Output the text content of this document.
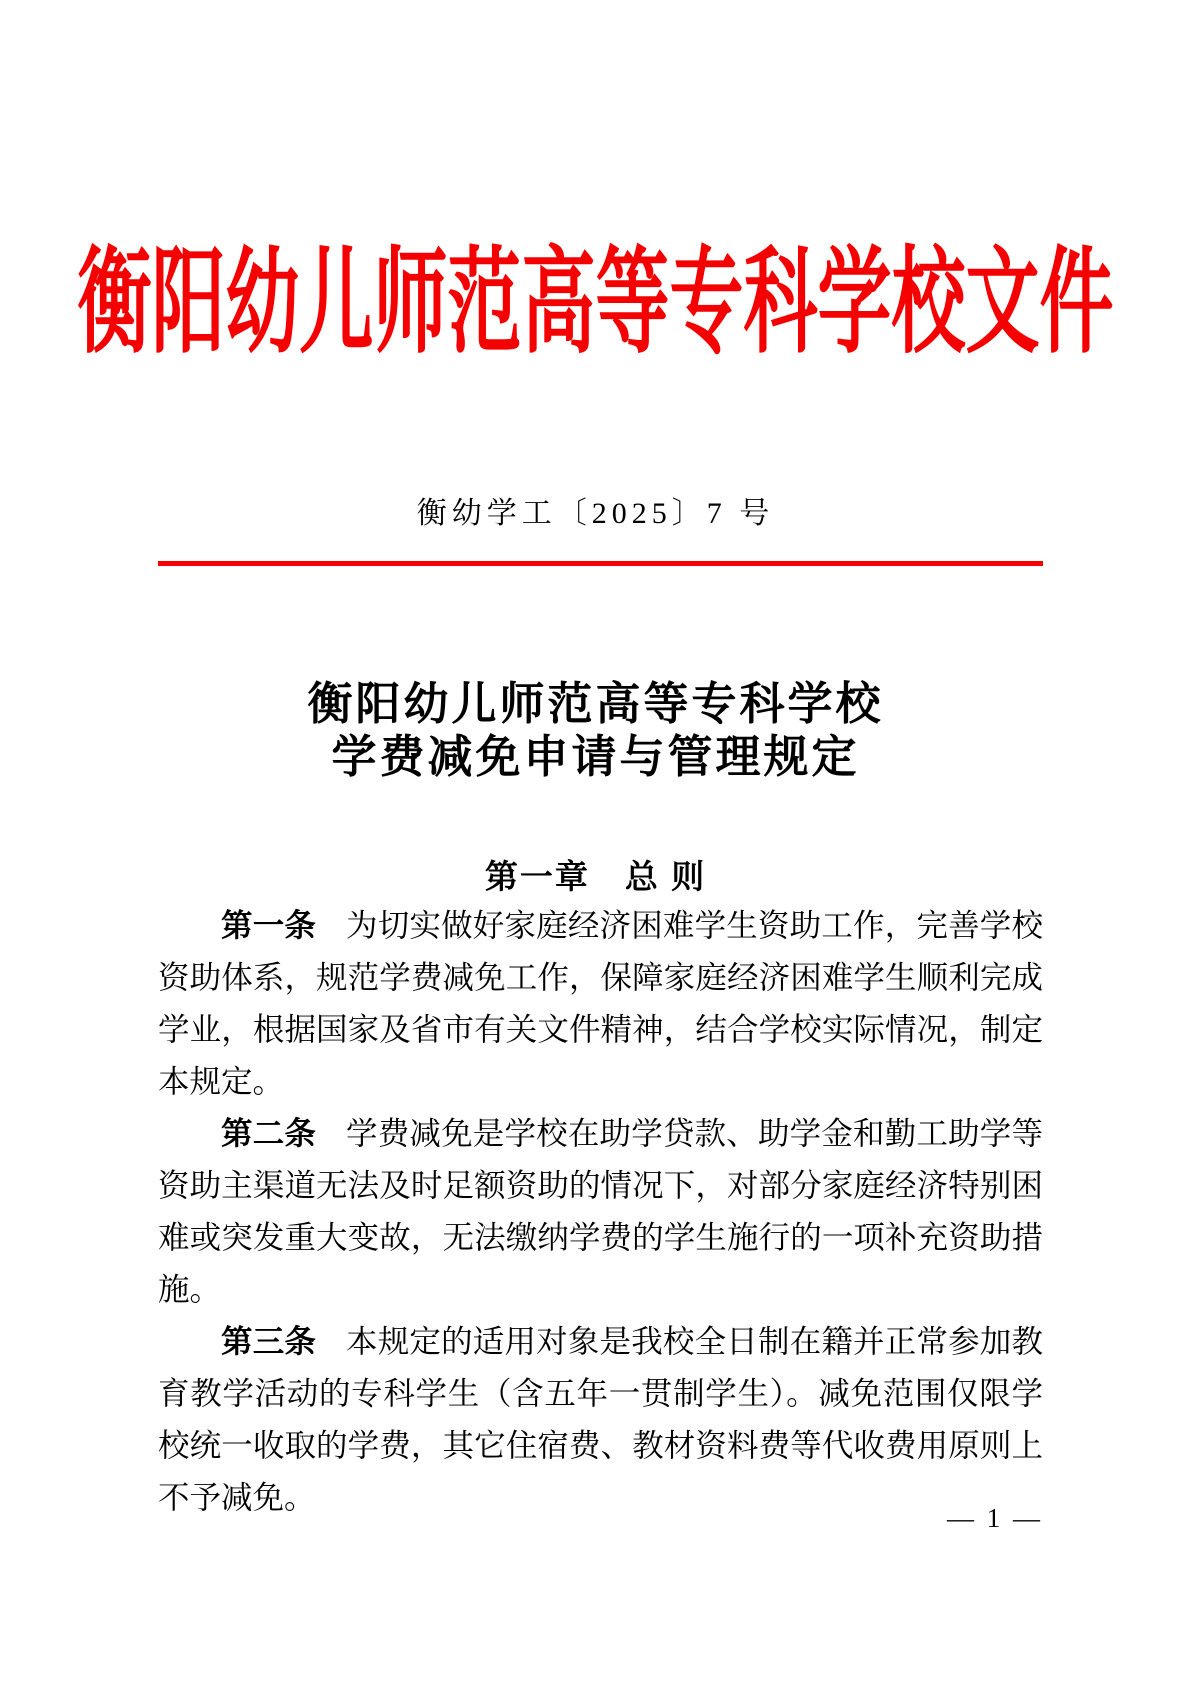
衡阳幼儿师范高等专科学校文件
衡幼学工〔2025〕7 号
衡阳幼儿师范高等专科学校
学费减免申请与管理规定
第一章　总 则

第一条 为切实做好家庭经济困难学生资助工作，完善学校资助体系，规范学费减免工作，保障家庭经济困难学生顺利完成学业，根据国家及省市有关文件精神，结合学校实际情况，制定本规定。

第二条 学费减免是学校在助学贷款、助学金和勤工助学等资助主渠道无法及时足额资助的情况下，对部分家庭经济特别困难或突发重大变故，无法缴纳学费的学生施行的一项补充资助措施。

第三条 本规定的适用对象是我校全日制在籍并正常参加教育教学活动的专科学生（含五年一贯制学生）。减免范围仅限学校统一收取的学费，其它住宿费、教材资料费等代收费用原则上不予减免。

— 1 —
